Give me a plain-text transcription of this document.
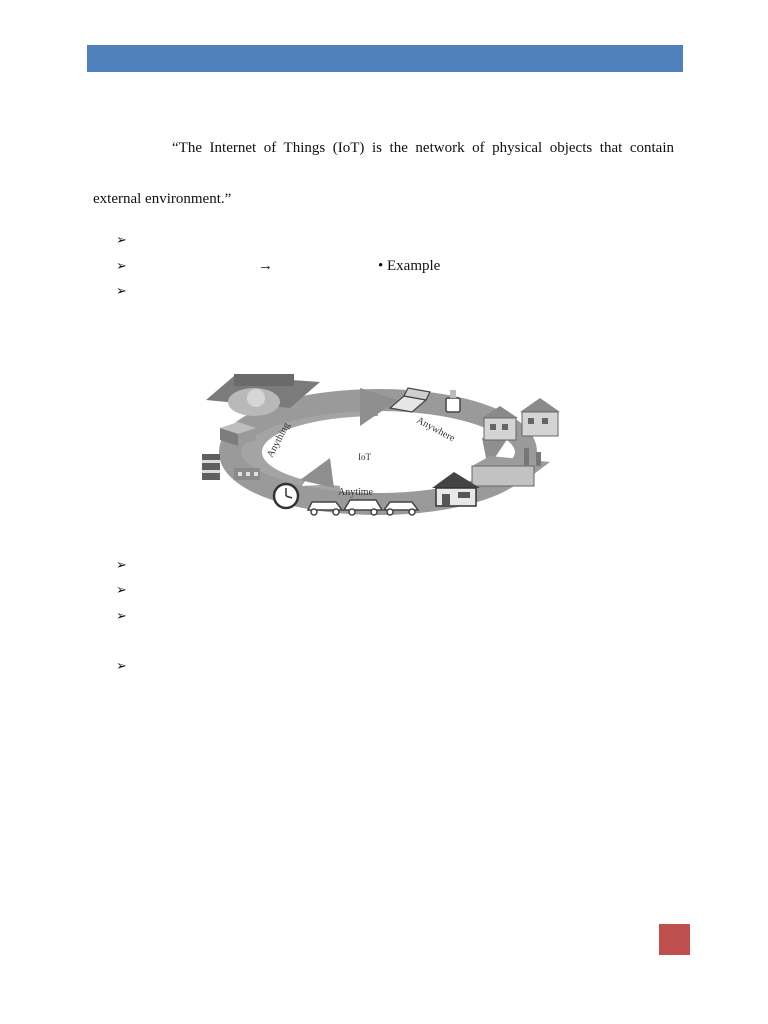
“The Internet of Things (IoT) is the network of physical objects that contain
external environment.”
➢
➢	→	• Example
➢
IoT
Anything	Anywhere
Anytime
➢
➢
➢
➢
